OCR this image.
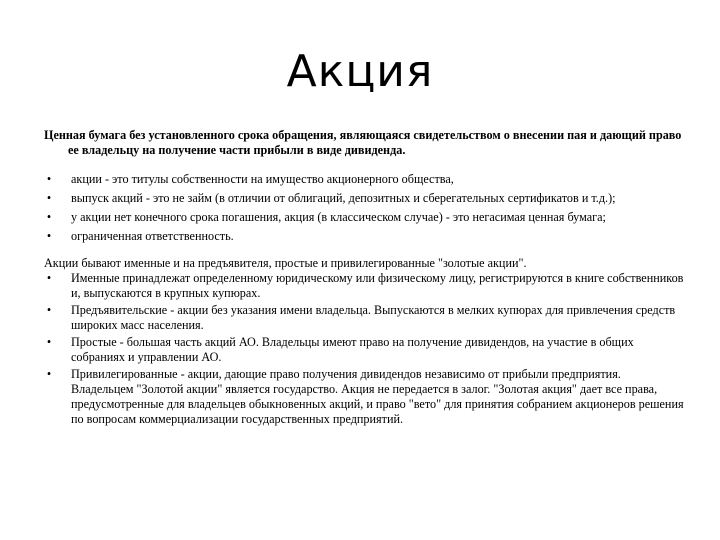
Акция

Ценная бумага без установленного срока обращения, являющаяся свидетельством о внесении пая и дающий право ее владельцу на получение части прибыли в виде дивиденда.

• акции - это титулы собственности на имущество акционерного общества,
• выпуск акций - это не займ (в отличии от облигаций, депозитных и сберегательных сертификатов и т.д.);
• у акции нет конечного срока погашения, акция (в классическом случае) - это негасимая ценная бумага;
• ограниченная ответственность.

Акции бывают именные и на предъявителя, простые и привилегированные "золотые акции".

• Именные принадлежат определенному юридическому или физическому лицу, регистрируются в книге собственников и, выпускаются в крупных купюрах.
• Предъявительские - акции без указания имени владельца. Выпускаются в мелких купюрах для привлечения средств широких масс населения.
• Простые - большая часть акций АО. Владельцы имеют право на получение дивидендов, на участие в общих собраниях и управлении АО.
• Привилегированные - акции, дающие право получения дивидендов независимо от прибыли предприятия. Владельцем "Золотой акции" является государство. Акция не передается в залог. "Золотая акция" дает все права, предусмотренные для владельцев обыкновенных акций, и право "вето" для принятия собранием акционеров решения по вопросам коммерциализации государственных предприятий.
